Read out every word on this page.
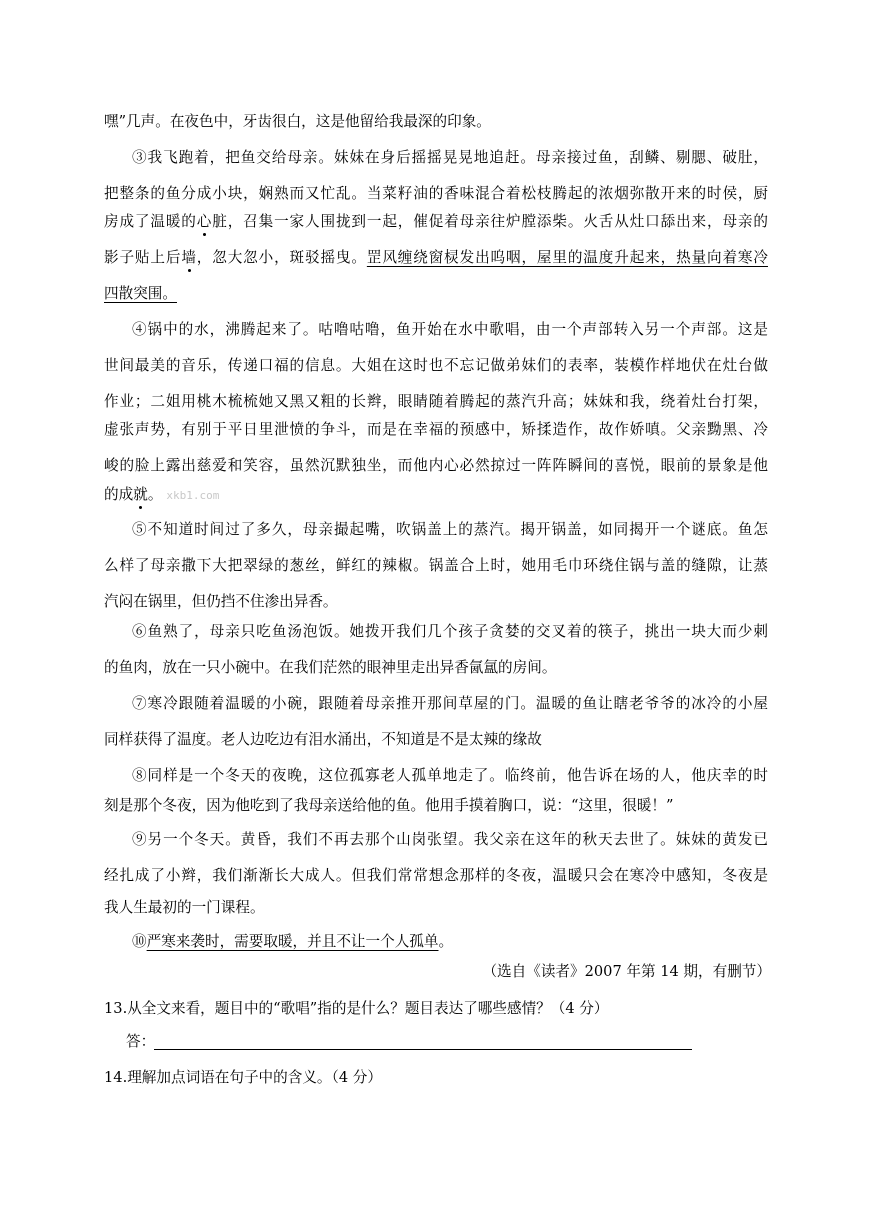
嘿”几声。在夜色中，牙齿很白，这是他留给我最深的印象。
③我飞跑着，把鱼交给母亲。妹妹在身后摇摇晃晃地追赶。母亲接过鱼，刮鳞、剔腮、破肚，
把整条的鱼分成小块，娴熟而又忙乱。当菜籽油的香味混合着松枝腾起的浓烟弥散开来的时侯，厨
房成了温暖的心脏，召集一家人围拢到一起，催促着母亲往炉膛添柴。火舌从灶口舔出来，母亲的
影子贴上后墙，忽大忽小，斑驳摇曳。罡风缠绕窗棂发出呜咽，屋里的温度升起来，热量向着寒冷
四散突围。
④锅中的水，沸腾起来了。咕噜咕噜，鱼开始在水中歌唱，由一个声部转入另一个声部。这是
世间最美的音乐，传递口福的信息。大姐在这时也不忘记做弟妹们的表率，装模作样地伏在灶台做
作业；二姐用桃木梳梳她又黑又粗的长辫，眼睛随着腾起的蒸汽升高；妹妹和我，绕着灶台打架，
虚张声势，有别于平日里泄愤的争斗，而是在幸福的预感中，矫揉造作，故作娇嗔。父亲黝黑、冷
峻的脸上露出慈爱和笑容，虽然沉默独坐，而他内心必然掠过一阵阵瞬间的喜悦，眼前的景象是他
的成就。 xkb1.com
⑤不知道时间过了多久，母亲撮起嘴，吹锅盖上的蒸汽。揭开锅盖，如同揭开一个谜底。鱼怎
么样了母亲撒下大把翠绿的葱丝，鲜红的辣椒。锅盖合上时，她用毛巾环绕住锅与盖的缝隙，让蒸
汽闷在锅里，但仍挡不住渗出异香。
⑥鱼熟了，母亲只吃鱼汤泡饭。她拨开我们几个孩子贪婪的交叉着的筷子，挑出一块大而少刺
的鱼肉，放在一只小碗中。在我们茫然的眼神里走出异香氤氲的房间。
⑦寒冷跟随着温暖的小碗，跟随着母亲推开那间草屋的门。温暖的鱼让瞎老爷爷的冰冷的小屋
同样获得了温度。老人边吃边有泪水涌出，不知道是不是太辣的缘故
⑧同样是一个冬天的夜晚，这位孤寡老人孤单地走了。临终前，他告诉在场的人，他庆幸的时
刻是那个冬夜，因为他吃到了我母亲送给他的鱼。他用手摸着胸口，说：“这里，很暖！”
⑨另一个冬天。黄昏，我们不再去那个山岗张望。我父亲在这年的秋天去世了。妹妹的黄发已
经扎成了小辫，我们渐渐长大成人。但我们常常想念那样的冬夜，温暖只会在寒冷中感知，冬夜是
我人生最初的一门课程。
⑩严寒来袭时，需要取暖，并且不让一个人孤单。
（选自《读者》2007 年第 14 期，有删节）
13.从全文来看，题目中的“歌唱”指的是什么？题目表达了哪些感情？（4 分）
答：
14.理解加点词语在句子中的含义。（4 分）
